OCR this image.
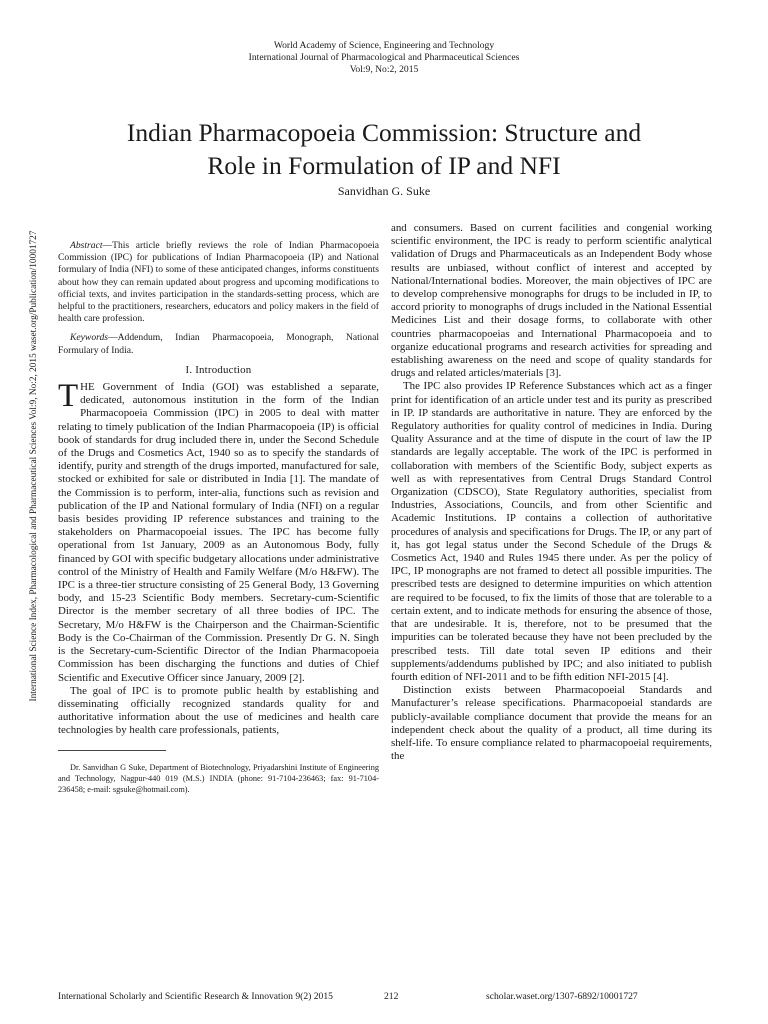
World Academy of Science, Engineering and Technology
International Journal of Pharmacological and Pharmaceutical Sciences
Vol:9, No:2, 2015
Indian Pharmacopoeia Commission: Structure and
Role in Formulation of IP and NFI
Sanvidhan G. Suke
International Science Index, Pharmacological and Pharmaceutical Sciences Vol:9, No:2, 2015 waset.org/Publication/10001727	Abstract—This article briefly reviews the role of Indian Pharmacopoeia Commission (IPC) for publications of Indian Pharmacopoeia (IP) and National formulary of India (NFI) to some of these anticipated changes, informs constituents about how they can remain updated about progress and upcoming modifications to official texts, and invites participation in the standards-setting process, which are helpful to the practitioners, researchers, educators and policy makers in the field of health care profession.

Keywords—Addendum, Indian Pharmacopoeia, Monograph, National Formulary of India.

I. Introduction

THE Government of India (GOI) was established a separate, dedicated, autonomous institution in the form of the Indian Pharmacopoeia Commission (IPC) in 2005 to deal with matter relating to timely publication of the Indian Pharmacopoeia (IP) is official book of standards for drug included there in, under the Second Schedule of the Drugs and Cosmetics Act, 1940 so as to specify the standards of identify, purity and strength of the drugs imported, manufactured for sale, stocked or exhibited for sale or distributed in India [1]. The mandate of the Commission is to perform, inter-alia, functions such as revision and publication of the IP and National formulary of India (NFI) on a regular basis besides providing IP reference substances and training to the stakeholders on Pharmacopoeial issues. The IPC has become fully operational from 1st January, 2009 as an Autonomous Body, fully financed by GOI with specific budgetary allocations under administrative control of the Ministry of Health and Family Welfare (M/o H&FW). The IPC is a three-tier structure consisting of 25 General Body, 13 Governing body, and 15-23 Scientific Body members. Secretary-cum-Scientific Director is the member secretary of all three bodies of IPC. The Secretary, M/o H&FW is the Chairperson and the Chairman-Scientific Body is the Co-Chairman of the Commission. Presently Dr G. N. Singh is the Secretary-cum-Scientific Director of the Indian Pharmacopoeia Commission has been discharging the functions and duties of Chief Scientific and Executive Officer since January, 2009 [2].

The goal of IPC is to promote public health by establishing and disseminating officially recognized standards quality for and authoritative information about the use of medicines and health care technologies by health care professionals, patients,

Dr. Sanvidhan G Suke, Department of Biotechnology, Priyadarshini Institute of Engineering and Technology, Nagpur-440 019 (M.S.) INDIA (phone: 91-7104-236463; fax: 91-7104-236458; e-mail: sgsuke@hotmail.com).

and consumers. Based on current facilities and congenial working scientific environment, the IPC is ready to perform scientific analytical validation of Drugs and Pharmaceuticals as an Independent Body whose results are unbiased, without conflict of interest and accepted by National/International bodies. Moreover, the main objectives of IPC are to develop comprehensive monographs for drugs to be included in IP, to accord priority to monographs of drugs included in the National Essential Medicines List and their dosage forms, to collaborate with other countries pharmacopoeias and International Pharmacopoeia and to organize educational programs and research activities for spreading and establishing awareness on the need and scope of quality standards for drugs and related articles/materials [3].

The IPC also provides IP Reference Substances which act as a finger print for identification of an article under test and its purity as prescribed in IP. IP standards are authoritative in nature. They are enforced by the Regulatory authorities for quality control of medicines in India. During Quality Assurance and at the time of dispute in the court of law the IP standards are legally acceptable. The work of the IPC is performed in collaboration with members of the Scientific Body, subject experts as well as with representatives from Central Drugs Standard Control Organization (CDSCO), State Regulatory authorities, specialist from Industries, Associations, Councils, and from other Scientific and Academic Institutions. IP contains a collection of authoritative procedures of analysis and specifications for Drugs. The IP, or any part of it, has got legal status under the Second Schedule of the Drugs & Cosmetics Act, 1940 and Rules 1945 there under. As per the policy of IPC, IP monographs are not framed to detect all possible impurities. The prescribed tests are designed to determine impurities on which attention are required to be focused, to fix the limits of those that are tolerable to a certain extent, and to indicate methods for ensuring the absence of those, that are undesirable. It is, therefore, not to be presumed that the impurities can be tolerated because they have not been precluded by the prescribed tests. Till date total seven IP editions and their supplements/addendums published by IPC; and also initiated to publish fourth edition of NFI-2011 and to be fifth edition NFI-2015 [4].

Distinction exists between Pharmacopoeial Standards and Manufacturer’s release specifications. Pharmacopoeial standards are publicly-available compliance document that provide the means for an independent check about the quality of a product, all time during its shelf-life. To ensure compliance related to pharmacopoeial requirements, the

International Scholarly and Scientific Research & Innovation 9(2) 2015	212	scholar.waset.org/1307-6892/10001727
